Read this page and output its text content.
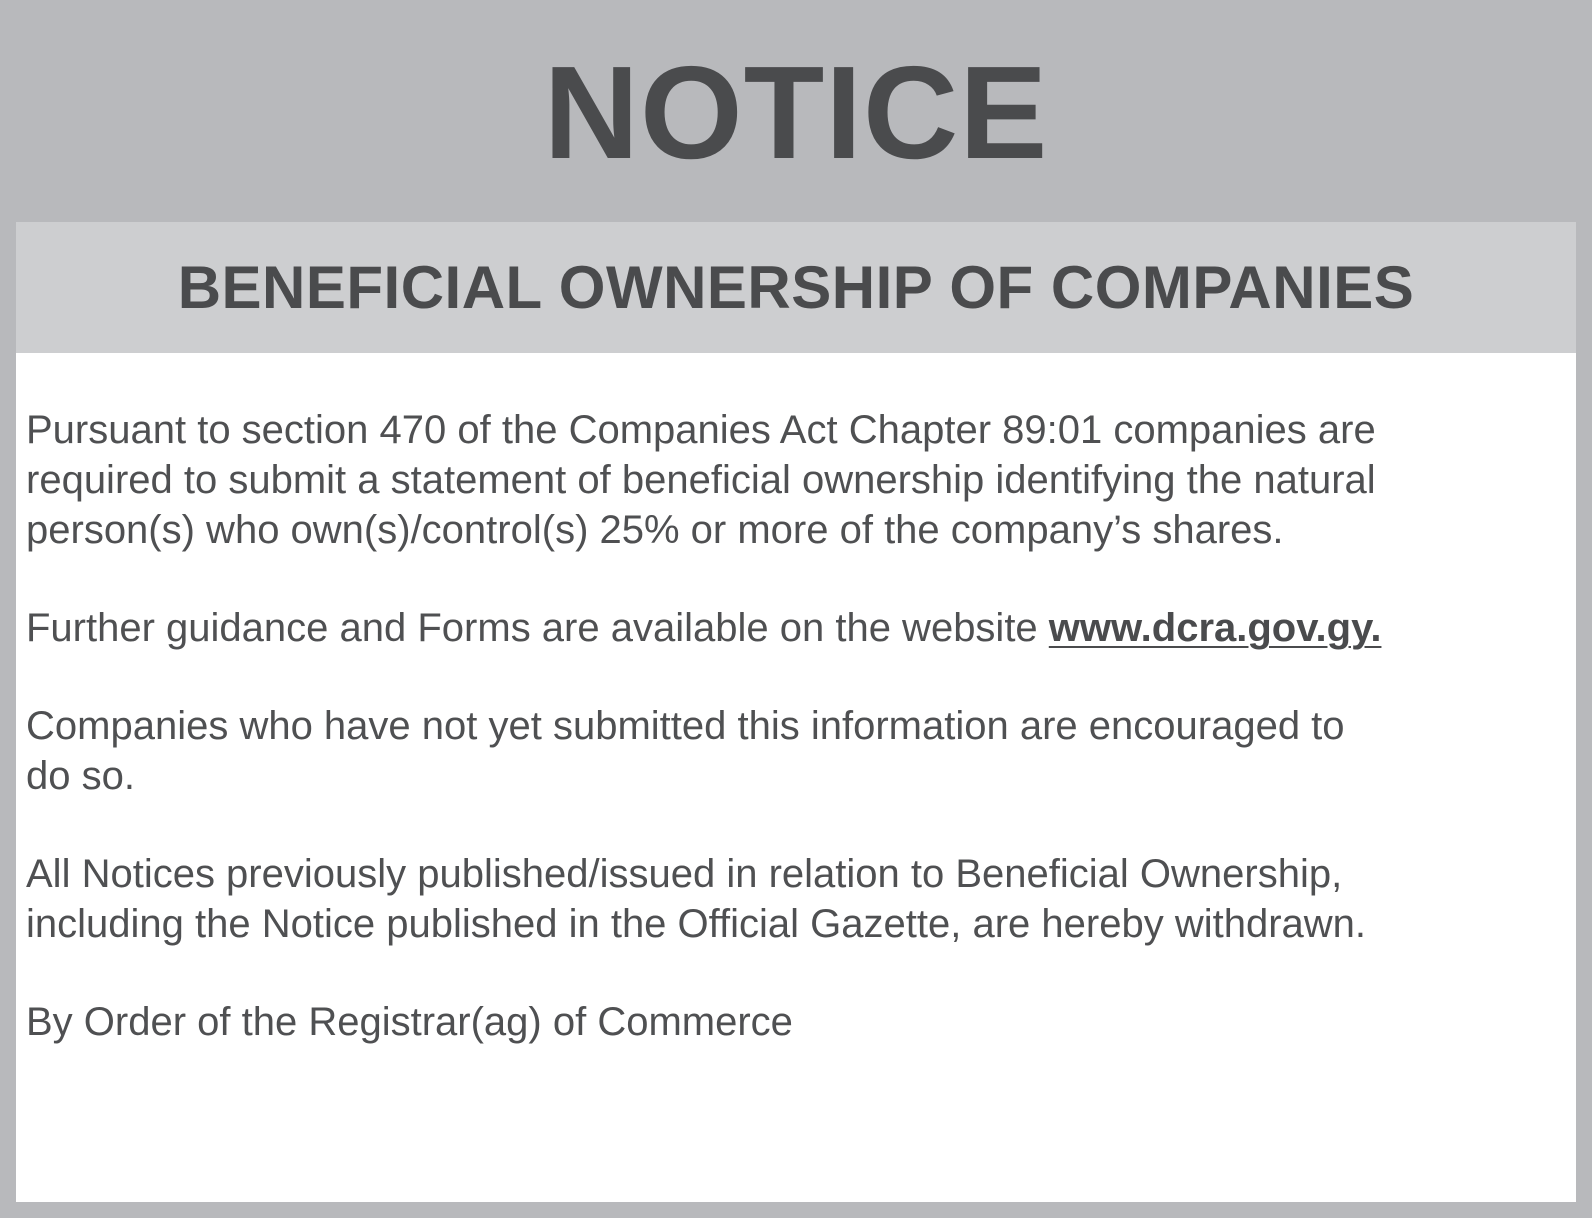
NOTICE
BENEFICIAL OWNERSHIP OF COMPANIES

Pursuant to section 470 of the Companies Act Chapter 89:01 companies are
required to submit a statement of beneficial ownership identifying the natural
person(s) who own(s)/control(s) 25% or more of the company’s shares.

Further guidance and Forms are available on the website www.dcra.gov.gy.

Companies who have not yet submitted this information are encouraged to
do so.

All Notices previously published/issued in relation to Beneficial Ownership,
including the Notice published in the Official Gazette, are hereby withdrawn.

By Order of the Registrar(ag) of Commerce
